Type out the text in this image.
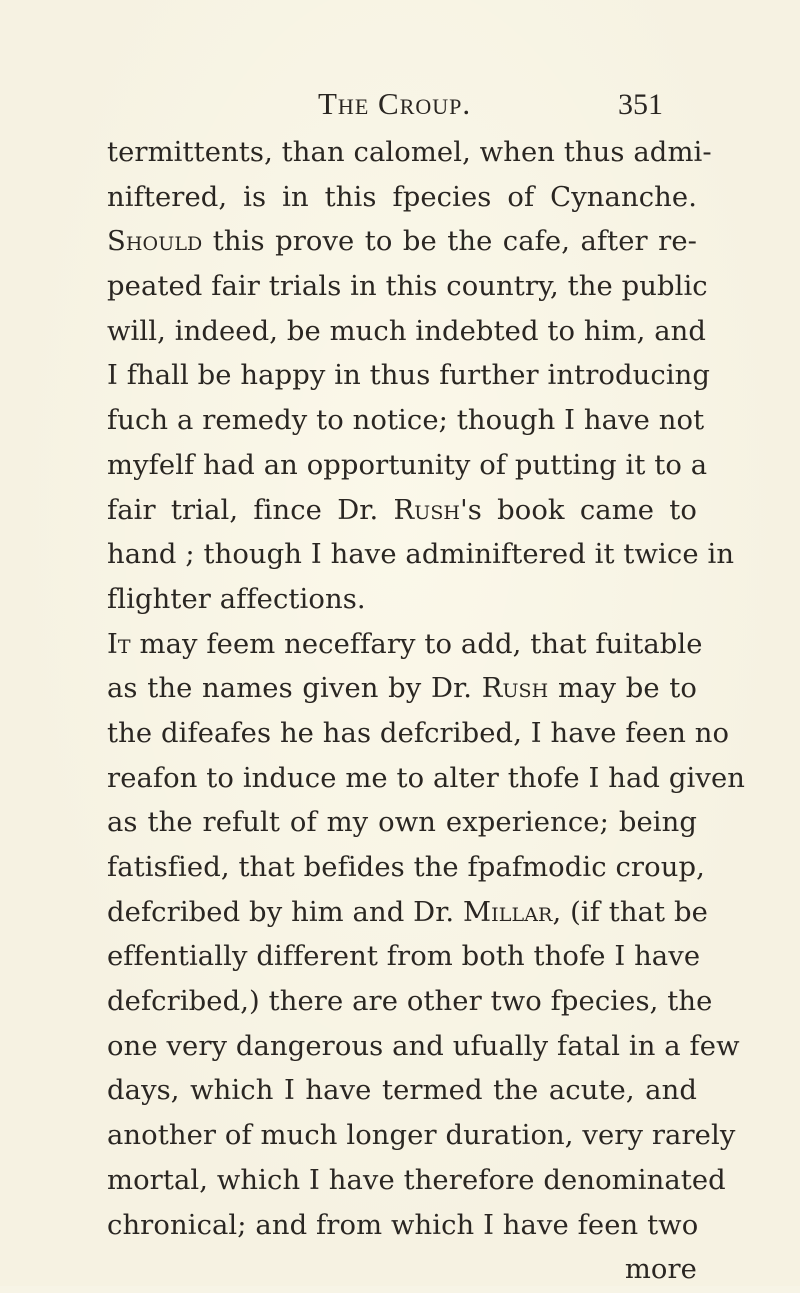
The Croup.	351
termittents, than calomel, when thus admi-
niftered, is in this fpecies of Cynanche.
Should this prove to be the cafe, after re-
peated fair trials in this country, the public
will, indeed, be much indebted to him, and
I fhall be happy in thus further introducing
fuch a remedy to notice; though I have not
myfelf had an opportunity of putting it to a
fair trial, fince Dr. Rush's book came to
hand ; though I have adminiftered it twice in
flighter affections.
It may feem neceffary to add, that fuitable
as the names given by Dr. Rush may be to
the difeafes he has defcribed, I have feen no
reafon to induce me to alter thofe I had given
as the refult of my own experience; being
fatisfied, that befides the fpafmodic croup,
defcribed by him and Dr. Millar, (if that be
effentially different from both thofe I have
defcribed,) there are other two fpecies, the
one very dangerous and ufually fatal in a few
days, which I have termed the acute, and
another of much longer duration, very rarely
mortal, which I have therefore denominated
chronical; and from which I have feen two
more
